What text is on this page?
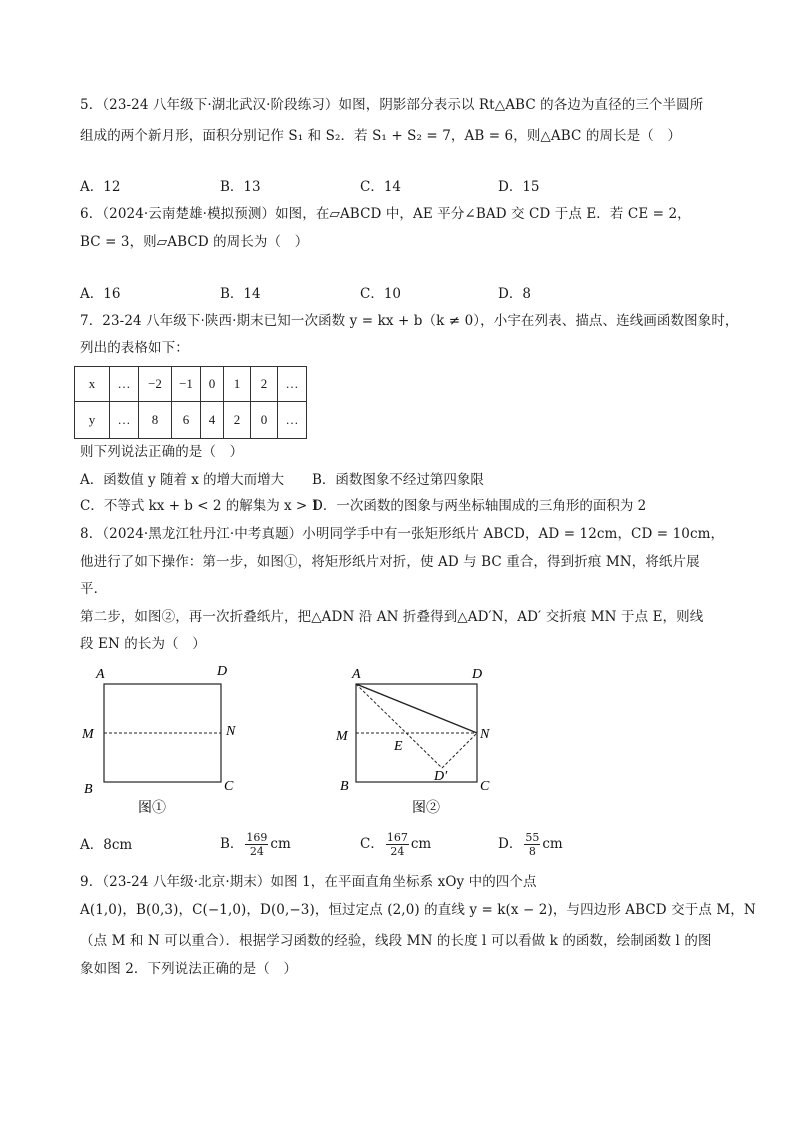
5．（23-24 八年级下·湖北武汉·阶段练习）如图，阴影部分表示以 Rt△ABC 的各边为直径的三个半圆所
组成的两个新月形，面积分别记作 S₁ 和 S₂．若 S₁ + S₂ = 7，AB = 6，则△ABC 的周长是（　）
A．12	B．13	C．14	D．15
6．（2024·云南楚雄·模拟预测）如图，在▱ABCD 中，AE 平分∠BAD 交 CD 于点 E．若 CE = 2，
BC = 3，则▱ABCD 的周长为（　）
A．16	B．14	C．10	D．8
7．23-24 八年级下·陕西·期末已知一次函数 y = kx + b（k ≠ 0），小宇在列表、描点、连线画函数图象时，
列出的表格如下：
x	…	−2	−1	0	1	2	…
y	…	8	6	4	2	0	…
则下列说法正确的是（　）
A．函数值 y 随着 x 的增大而增大 B．函数图象不经过第四象限
C．不等式 kx + b < 2 的解集为 x > 1
D．一次函数的图象与两坐标轴围成的三角形的面积为 2
8．（2024·黑龙江牡丹江·中考真题）小明同学手中有一张矩形纸片 ABCD，AD = 12cm，CD = 10cm，
他进行了如下操作：第一步，如图①，将矩形纸片对折，使 AD 与 BC 重合，得到折痕 MN，将纸片展
平．
第二步，如图②，再一次折叠纸片，把△ADN 沿 AN 折叠得到△AD′N，AD′ 交折痕 MN 于点 E，则线
段 EN 的长为（　）
A	D
M	N
B	C
图①
A	D
M
E
N
D′
B	C
图②
A．8cm	B． $\frac{169}{24}$ cm	C． $\frac{167}{24}$ cm	D． $\frac{55}{8}$ cm
9．（23-24 八年级·北京·期末）如图 1，在平面直角坐标系 xOy 中的四个点
A(1,0)，B(0,3)，C(−1,0)，D(0,−3)，恒过定点 (2,0) 的直线 y = k(x − 2)，与四边形 ABCD 交于点 M，N
（点 M 和 N 可以重合）．根据学习函数的经验，线段 MN 的长度 l 可以看做 k 的函数，绘制函数 l 的图
象如图 2．下列说法正确的是（　）
